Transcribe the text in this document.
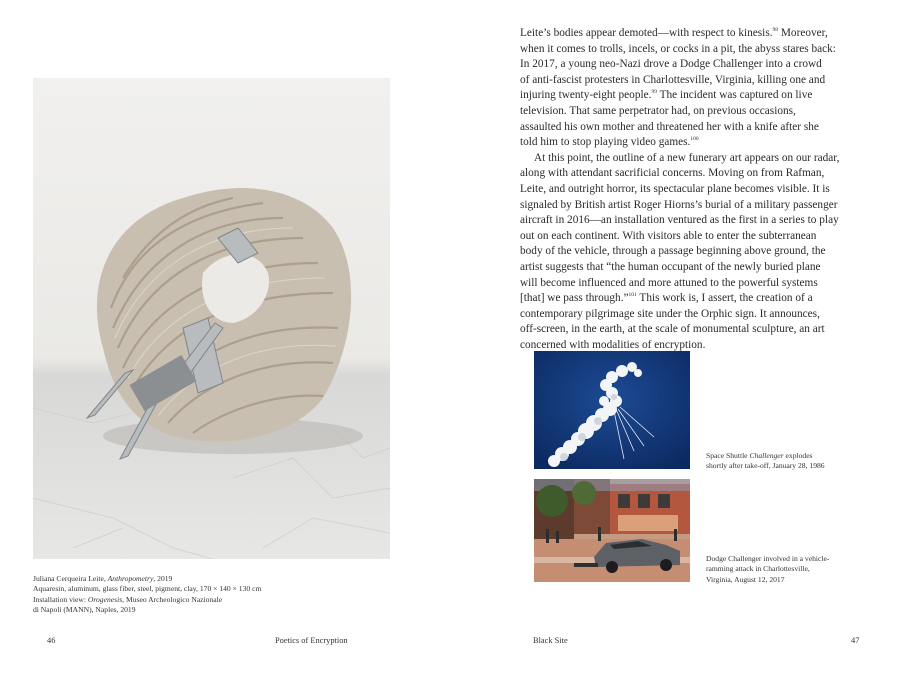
Juliana Cerqueira Leite, Anthropometry, 2019
Aquaresin, aluminum, glass fiber, steel, pigment, clay, 170 × 140 × 130 cm
Installation view: Orogenesis, Museo Archeologico Nazionale
di Napoli (MANN), Naples, 2019
46	Poetics of Encryption
Leite’s bodies appear demoted—with respect to kinesis.$^{98}$ Moreover,
when it comes to trolls, incels, or cocks in a pit, the abyss stares back:
In 2017, a young neo-Nazi drove a Dodge Challenger into a crowd
of anti-fascist protesters in Charlottesville, Virginia, killing one and
injuring twenty-eight people.$^{99}$ The incident was captured on live
television. That same perpetrator had, on previous occasions,
assaulted his own mother and threatened her with a knife after she
told him to stop playing video games.$^{100}$
At this point, the outline of a new funerary art appears on our radar,
along with attendant sacrificial concerns. Moving on from Rafman,
Leite, and outright horror, its spectacular plane becomes visible. It is
signaled by British artist Roger Hiorns’s burial of a military passenger
aircraft in 2016—an installation ventured as the first in a series to play
out on each continent. With visitors able to enter the subterranean
body of the vehicle, through a passage beginning above ground, the
artist suggests that “the human occupant of the newly buried plane
will become influenced and more attuned to the powerful systems
[that] we pass through.”$^{101}$ This work is, I assert, the creation of a
contemporary pilgrimage site under the Orphic sign. It announces,
off-screen, in the earth, at the scale of monumental sculpture, an art
concerned with modalities of encryption.
Space Shuttle Challenger explodes
shortly after take-off, January 28, 1986
Dodge Challenger involved in a vehicle-
ramming attack in Charlottesville,
Virginia, August 12, 2017
Black Site	47
